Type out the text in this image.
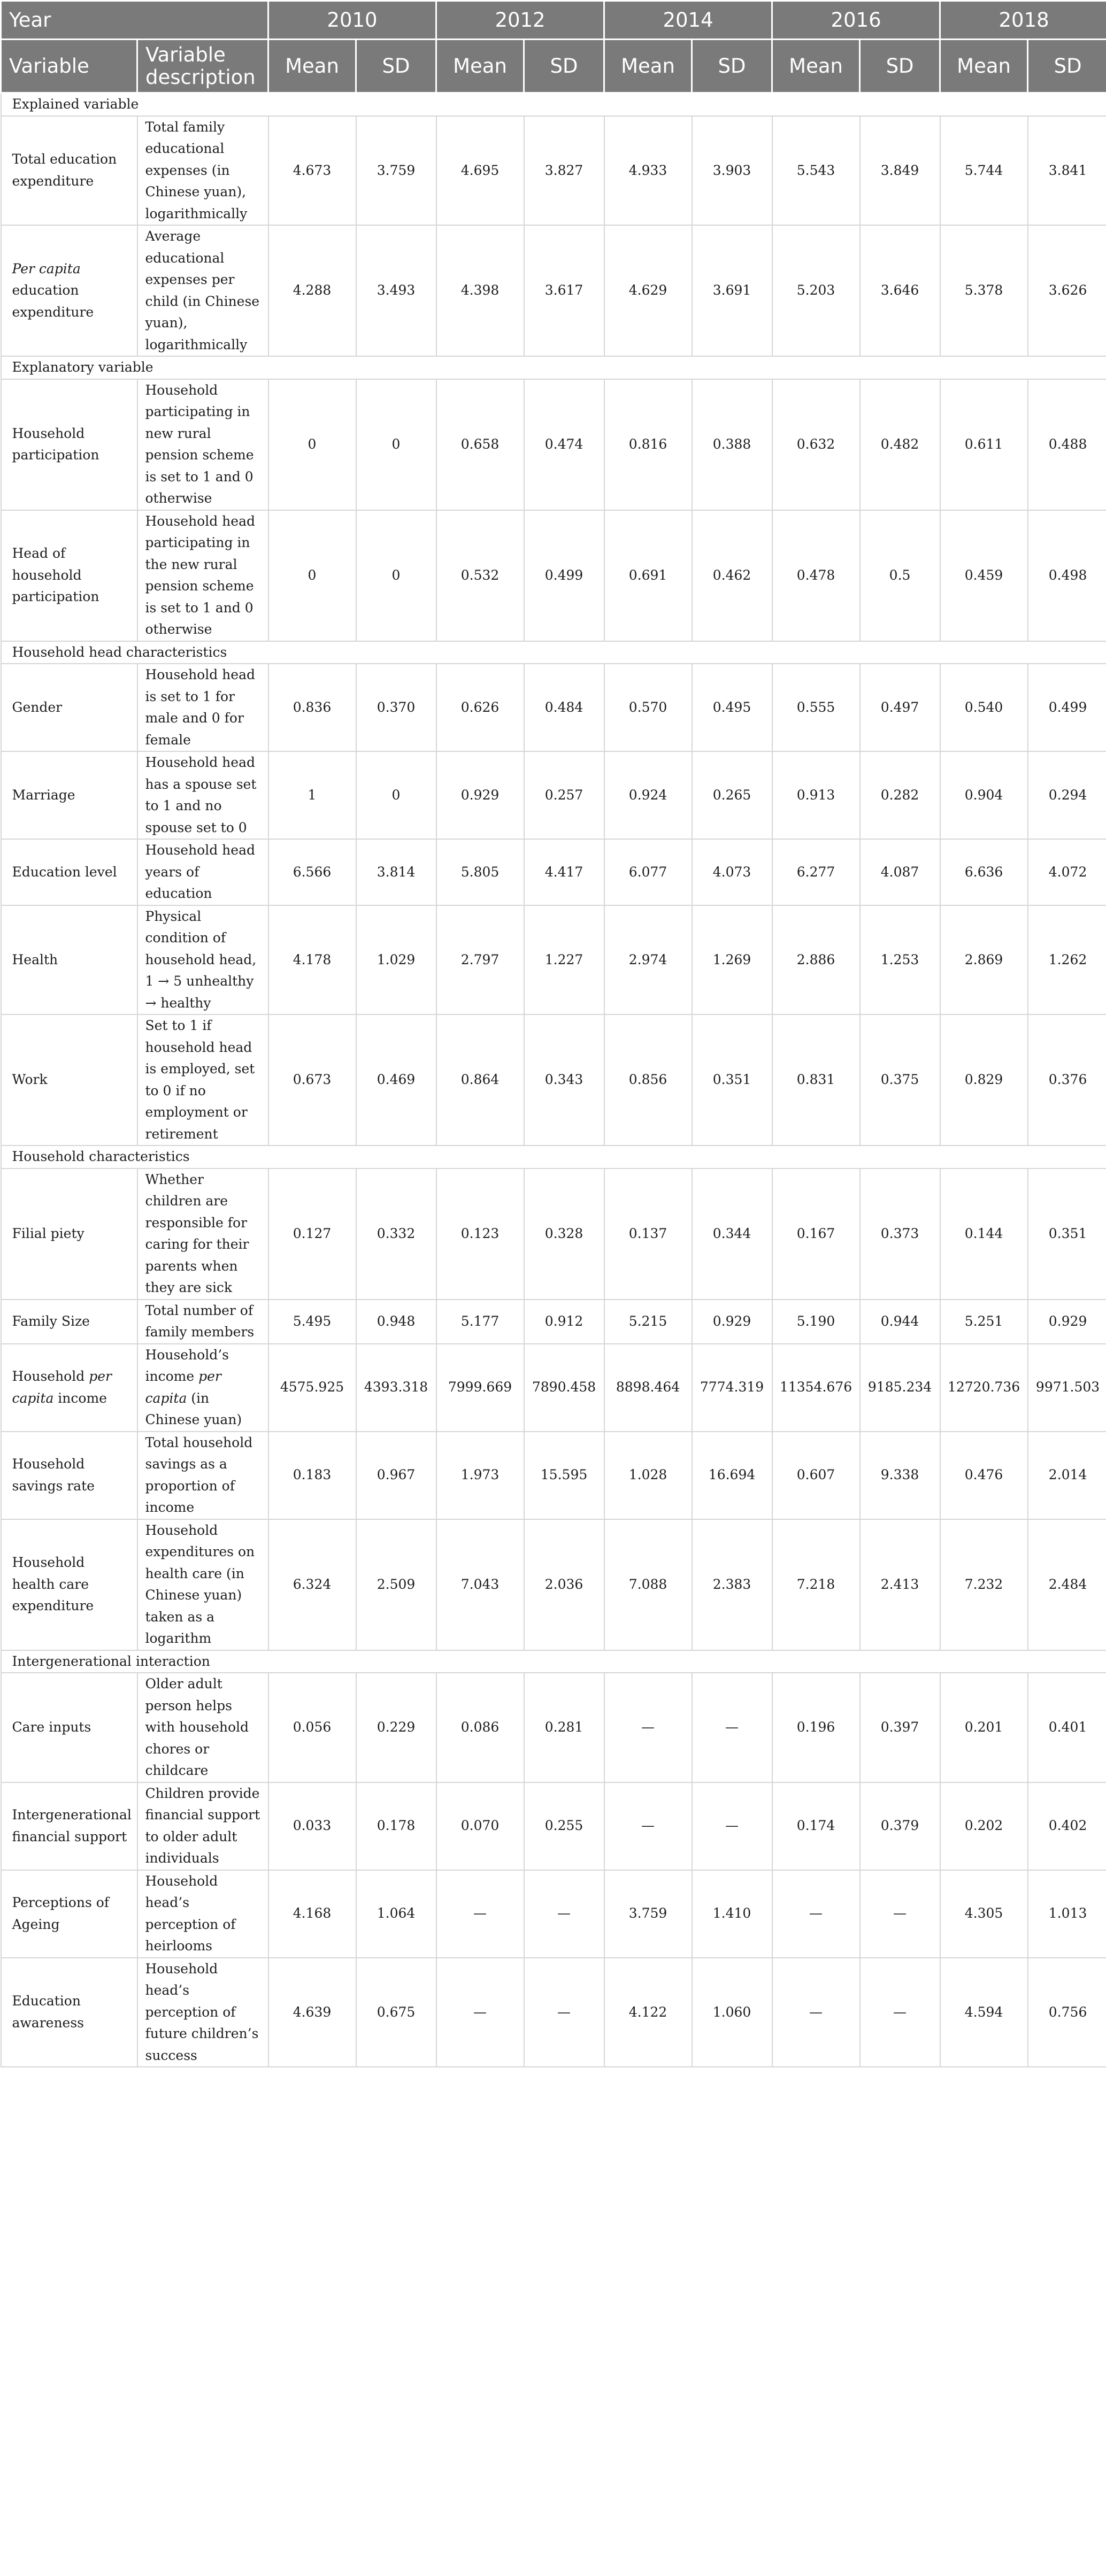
Year		2010		2012		2014		2016		2018	
Variable	Variable description	Mean	SD	Mean	SD	Mean	SD	Mean	SD	Mean	SD
Explained variable											
Total education expenditure	Total family educational expenses (in Chinese yuan), logarithmically	4.673	3.759	4.695	3.827	4.933	3.903	5.543	3.849	5.744	3.841
Per capita education expenditure	Average educational expenses per child (in Chinese yuan), logarithmically	4.288	3.493	4.398	3.617	4.629	3.691	5.203	3.646	5.378	3.626
Explanatory variable											
Household participation	Household participating in new rural pension scheme is set to 1 and 0 otherwise	0	0	0.658	0.474	0.816	0.388	0.632	0.482	0.611	0.488
Head of household participation	Household head participating in the new rural pension scheme is set to 1 and 0 otherwise	0	0	0.532	0.499	0.691	0.462	0.478	0.5	0.459	0.498
Household head characteristics											
Gender	Household head is set to 1 for male and 0 for female	0.836	0.370	0.626	0.484	0.570	0.495	0.555	0.497	0.540	0.499
Marriage	Household head has a spouse set to 1 and no spouse set to 0	1	0	0.929	0.257	0.924	0.265	0.913	0.282	0.904	0.294
Education level	Household head years of education	6.566	3.814	5.805	4.417	6.077	4.073	6.277	4.087	6.636	4.072
Health	Physical condition of household head, 1 → 5 unhealthy → healthy	4.178	1.029	2.797	1.227	2.974	1.269	2.886	1.253	2.869	1.262
Work	Set to 1 if household head is employed, set to 0 if no employment or retirement	0.673	0.469	0.864	0.343	0.856	0.351	0.831	0.375	0.829	0.376
Household characteristics											
Filial piety	Whether children are responsible for caring for their parents when they are sick	0.127	0.332	0.123	0.328	0.137	0.344	0.167	0.373	0.144	0.351
Family Size	Total number of family members	5.495	0.948	5.177	0.912	5.215	0.929	5.190	0.944	5.251	0.929
Household per capita income	Household’s income per capita (in Chinese yuan)	4575.925	4393.318	7999.669	7890.458	8898.464	7774.319	11354.676	9185.234	12720.736	9971.503
Household savings rate	Total household savings as a proportion of income	0.183	0.967	1.973	15.595	1.028	16.694	0.607	9.338	0.476	2.014
Household health care expenditure	Household expenditures on health care (in Chinese yuan) taken as a logarithm	6.324	2.509	7.043	2.036	7.088	2.383	7.218	2.413	7.232	2.484
Intergenerational interaction											
Care inputs	Older adult person helps with household chores or childcare	0.056	0.229	0.086	0.281	—	—	0.196	0.397	0.201	0.401
Intergenerational financial support	Children provide financial support to older adult individuals	0.033	0.178	0.070	0.255	—	—	0.174	0.379	0.202	0.402
Perceptions of Ageing	Household head’s perception of heirlooms	4.168	1.064	—	—	3.759	1.410	—	—	4.305	1.013
Education awareness	Household head’s perception of future children’s success	4.639	0.675	—	—	4.122	1.060	—	—	4.594	0.756
